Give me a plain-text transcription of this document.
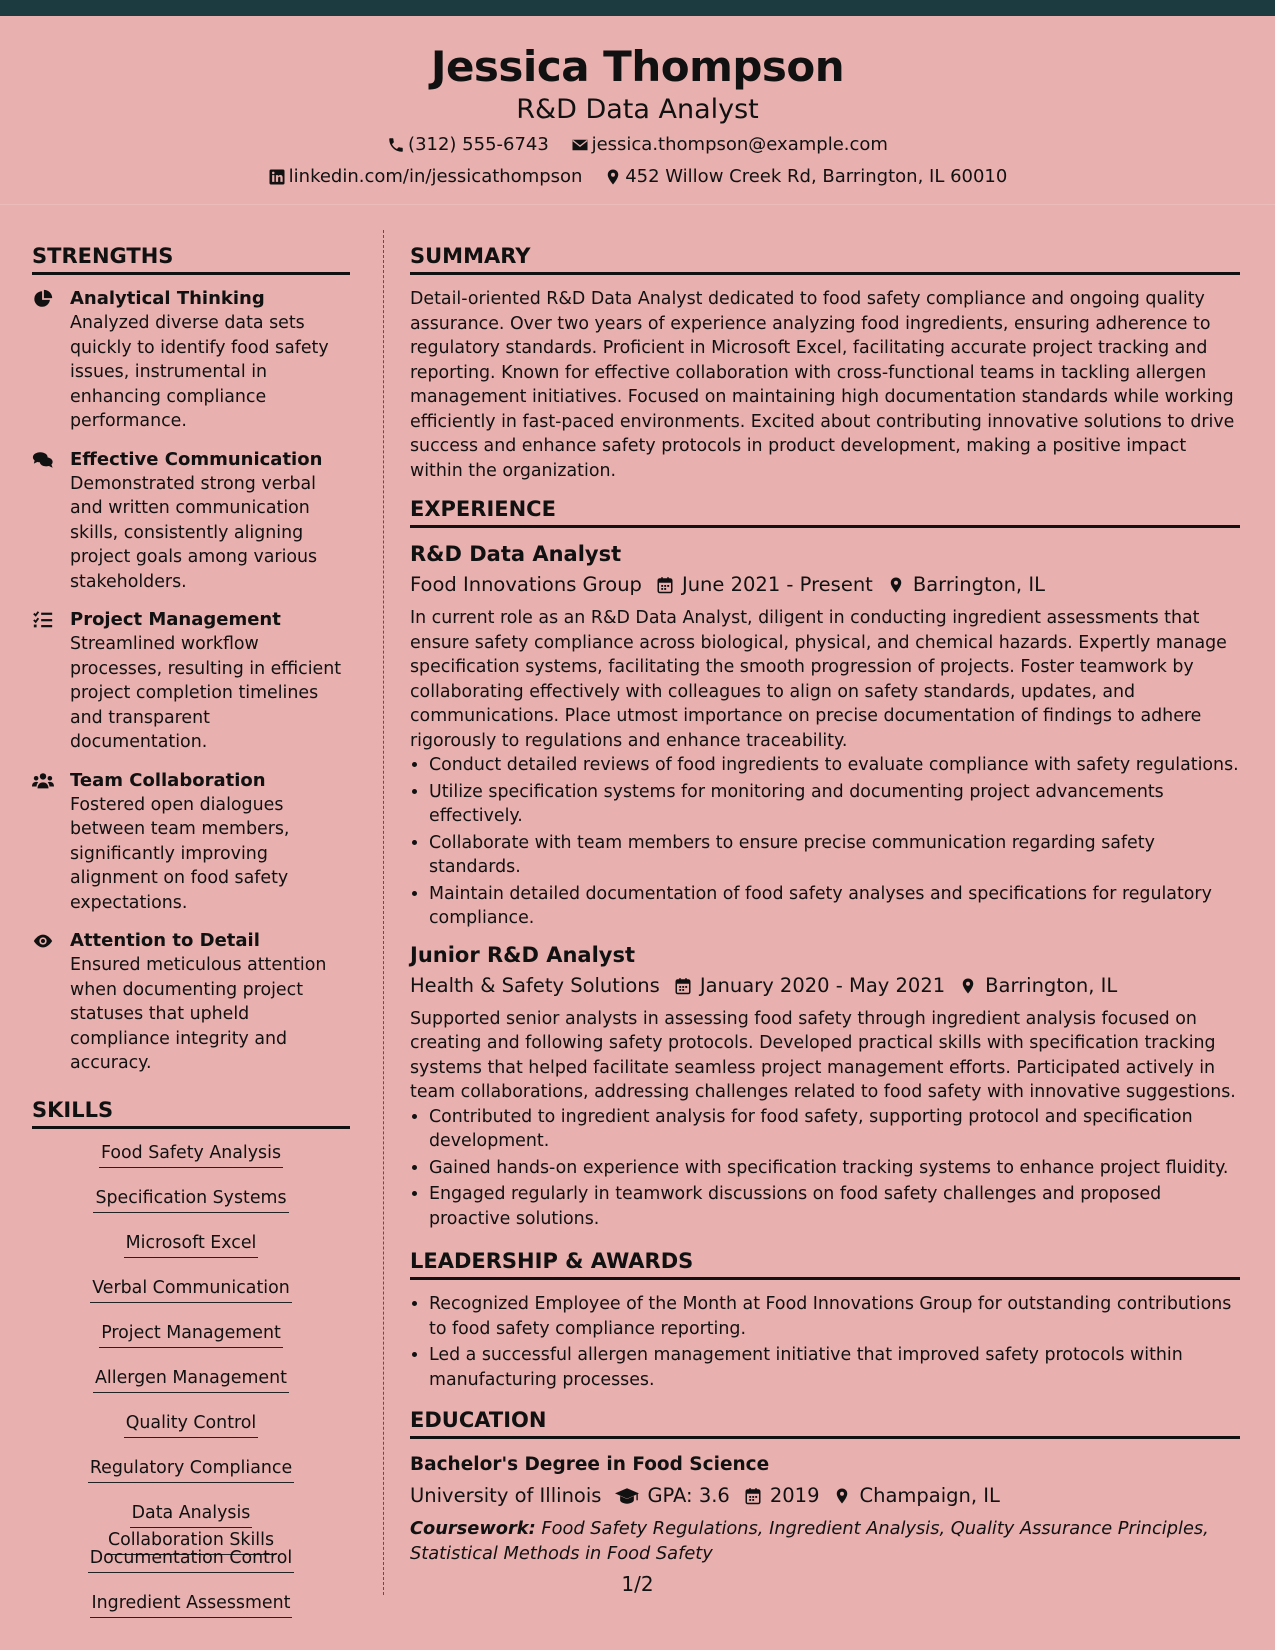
Jessica Thompson
R&D Data Analyst
(312) 555-6743
jessica.thompson@example.com
linkedin.com/in/jessicathompson
452 Willow Creek Rd, Barrington, IL 60010
STRENGTHS
Analytical Thinking
Analyzed diverse data sets quickly to identify food safety issues, instrumental in enhancing compliance performance.
Effective Communication
Demonstrated strong verbal and written communication skills, consistently aligning project goals among various stakeholders.
Project Management
Streamlined workflow processes, resulting in efficient project completion timelines and transparent documentation.
Team Collaboration
Fostered open dialogues between team members, significantly improving alignment on food safety expectations.
Attention to Detail
Ensured meticulous attention when documenting project statuses that upheld compliance integrity and accuracy.
SKILLS
Food Safety Analysis
Specification Systems
Microsoft Excel
Verbal Communication
Project Management
Allergen Management
Quality Control
Regulatory Compliance
Data AnalysisCollaboration Skills
Documentation Control
Ingredient Assessment
SUMMARY
Detail-oriented R&D Data Analyst dedicated to food safety compliance and ongoing quality assurance. Over two years of experience analyzing food ingredients, ensuring adherence to regulatory standards. Proficient in Microsoft Excel, facilitating accurate project tracking and reporting. Known for effective collaboration with cross-functional teams in tackling allergen management initiatives. Focused on maintaining high documentation standards while working efficiently in fast-paced environments. Excited about contributing innovative solutions to drive success and enhance safety protocols in product development, making a positive impact within the organization.
EXPERIENCE
R&D Data Analyst
Food Innovations Group June 2021 - Present Barrington, IL
In current role as an R&D Data Analyst, diligent in conducting ingredient assessments that ensure safety compliance across biological, physical, and chemical hazards. Expertly manage specification systems, facilitating the smooth progression of projects. Foster teamwork by collaborating effectively with colleagues to align on safety standards, updates, and communications. Place utmost importance on precise documentation of findings to adhere rigorously to regulations and enhance traceability.
• Conduct detailed reviews of food ingredients to evaluate compliance with safety regulations.
• Utilize specification systems for monitoring and documenting project advancements effectively.
• Collaborate with team members to ensure precise communication regarding safety standards.
• Maintain detailed documentation of food safety analyses and specifications for regulatory compliance.
Junior R&D Analyst
Health & Safety Solutions January 2020 - May 2021 Barrington, IL
Supported senior analysts in assessing food safety through ingredient analysis focused on creating and following safety protocols. Developed practical skills with specification tracking systems that helped facilitate seamless project management efforts. Participated actively in team collaborations, addressing challenges related to food safety with innovative suggestions.
• Contributed to ingredient analysis for food safety, supporting protocol and specification development.
• Gained hands-on experience with specification tracking systems to enhance project fluidity.
• Engaged regularly in teamwork discussions on food safety challenges and proposed proactive solutions.
LEADERSHIP & AWARDS
• Recognized Employee of the Month at Food Innovations Group for outstanding contributions to food safety compliance reporting.
• Led a successful allergen management initiative that improved safety protocols within manufacturing processes.
EDUCATION
Bachelor's Degree in Food Science
University of Illinois GPA: 3.6 2019 Champaign, IL
Coursework: Food Safety Regulations, Ingredient Analysis, Quality Assurance Principles, Statistical Methods in Food Safety
1/2
